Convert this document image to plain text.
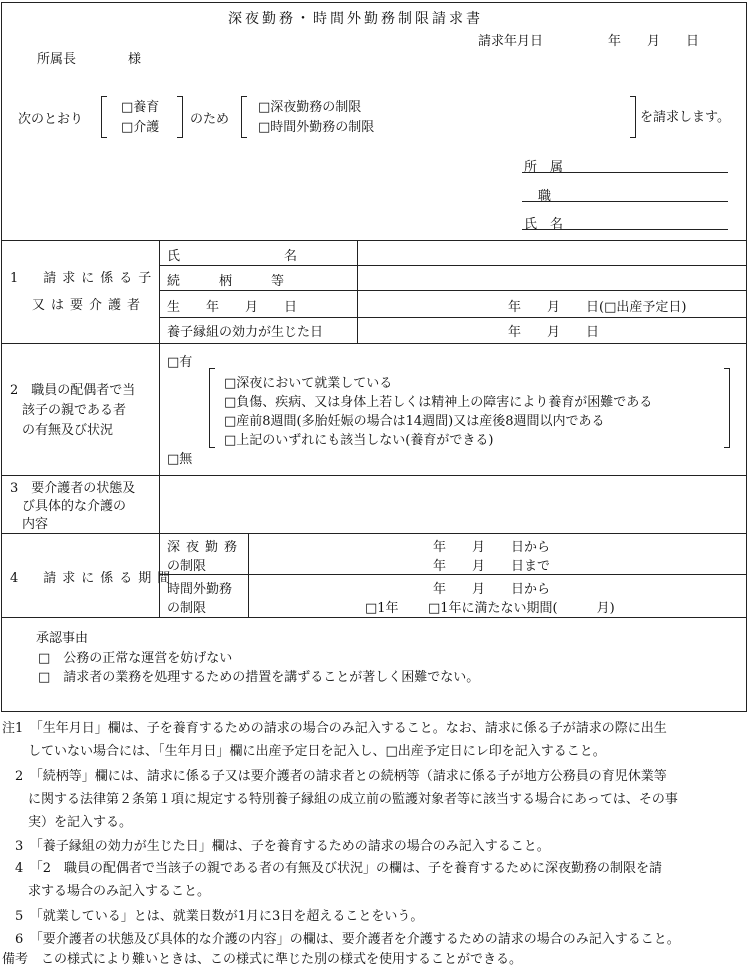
深夜勤務・時間外勤務制限請求書
請求年月日　　　　　年　　月　　日
所属長　　　　様
次のとおり
□養育
□介護
のため
□深夜勤務の制限
□時間外勤務の制限
を請求します。
所　属
職
氏　名
1　請求に係る子
又は要介護者
氏　　　　　　　　名
続　　　柄　　　等
生　　年　　月　　日
養子縁組の効力が生じた日
年　　月　　日(□出産予定日)
年　　月　　日
2　職員の配偶者で当
該子の親である者
の有無及び状況
□有
□無
□深夜において就業している
□負傷、疾病、又は身体上若しくは精神上の障害により養育が困難である
□産前8週間(多胎妊娠の場合は14週間)又は産後8週間以内である
□上記のいずれにも該当しない(養育ができる)
3　要介護者の状態及
び具体的な介護の
内容
4　請求に係る期間
深夜勤務
の制限
年　　月　　日から
年　　月　　日まで
時間外勤務
の制限
年　　月　　日から
□1年 □1年に満たない期間(　　　月)
承認事由
□　公務の正常な運営を妨げない
□　請求者の業務を処理するための措置を講ずることが著しく困難でない。
注1　「生年月日」欄は、子を養育するための請求の場合のみ記入すること。なお、請求に係る子が請求の際に出生
　　していない場合には、「生年月日」欄に出産予定日を記入し、□出産予定日にレ印を記入すること。
　2　「続柄等」欄には、請求に係る子又は要介護者の請求者との続柄等（請求に係る子が地方公務員の育児休業等
　　に関する法律第２条第１項に規定する特別養子縁組の成立前の監護対象者等に該当する場合にあっては、その事
　　実）を記入する。
　3　「養子縁組の効力が生じた日」欄は、子を養育するための請求の場合のみ記入すること。
　4　「2　職員の配偶者で当該子の親である者の有無及び状況」の欄は、子を養育するために深夜勤務の制限を請
　　求する場合のみ記入すること。
　5　「就業している」とは、就業日数が1月に3日を超えることをいう。
　6　「要介護者の状態及び具体的な介護の内容」の欄は、要介護者を介護するための請求の場合のみ記入すること。
備考　この様式により難いときは、この様式に準じた別の様式を使用することができる。
